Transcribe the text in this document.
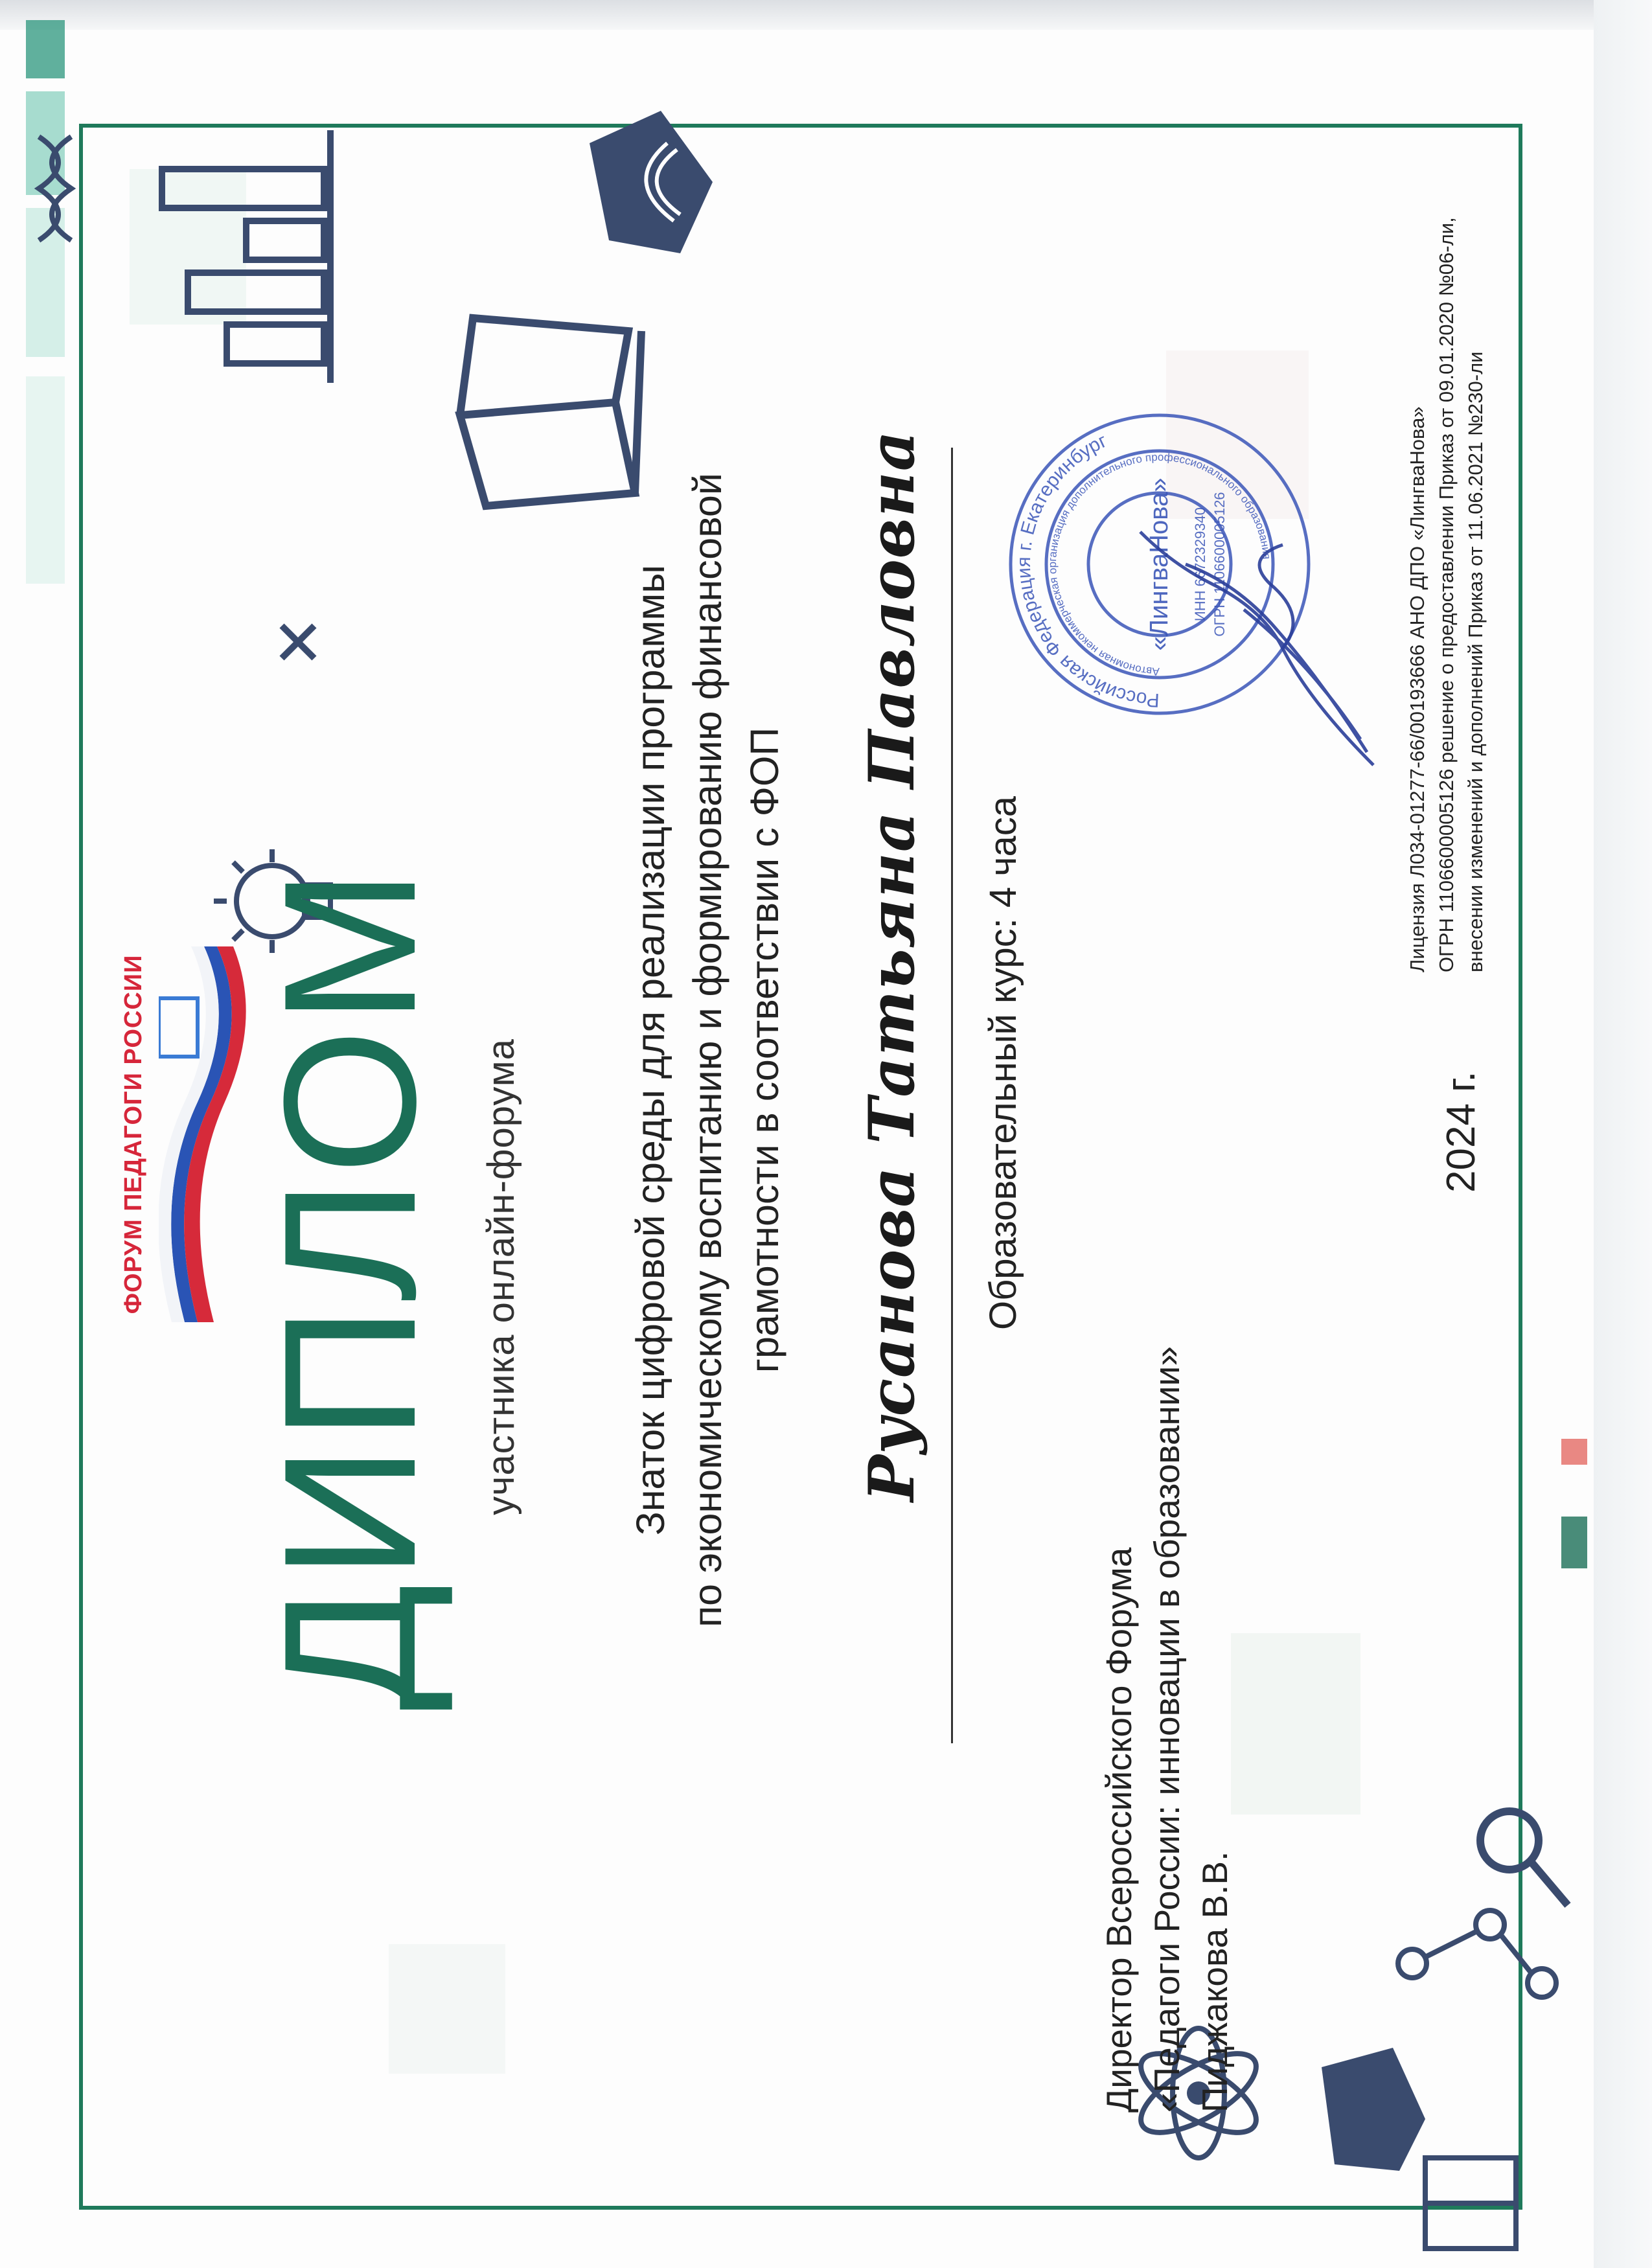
ФОРУМ ПЕДАГОГИ РОССИИ ДИПЛОМ участника онлайн-форума	Знаток цифровой среды для реализации программы по экономическому воспитанию и формированию финансовой грамотности в соответствии с ФОП Русанова Татьяна Павловна Образовательный курс: 4 часа
Директор Всероссийского Форума «Педагоги России: инновации в образовании» Пиджакова В.В.
2024 г.
Российская Федерация г. Екатеринбург
Автономная некоммерческая организация дополнительного профессионального образования
«ЛингваНова» ИНН 6672329340 ОГРН 1106600005126	Лицензия Л034-01277-66/00193666 АНО ДПО «ЛингваНова» ОГРН 1106600005126 решение о предоставлении Приказ от 09.01.2020 №06-ли, внесении изменений и дополнений Приказ от 11.06.2021 №230-ли
